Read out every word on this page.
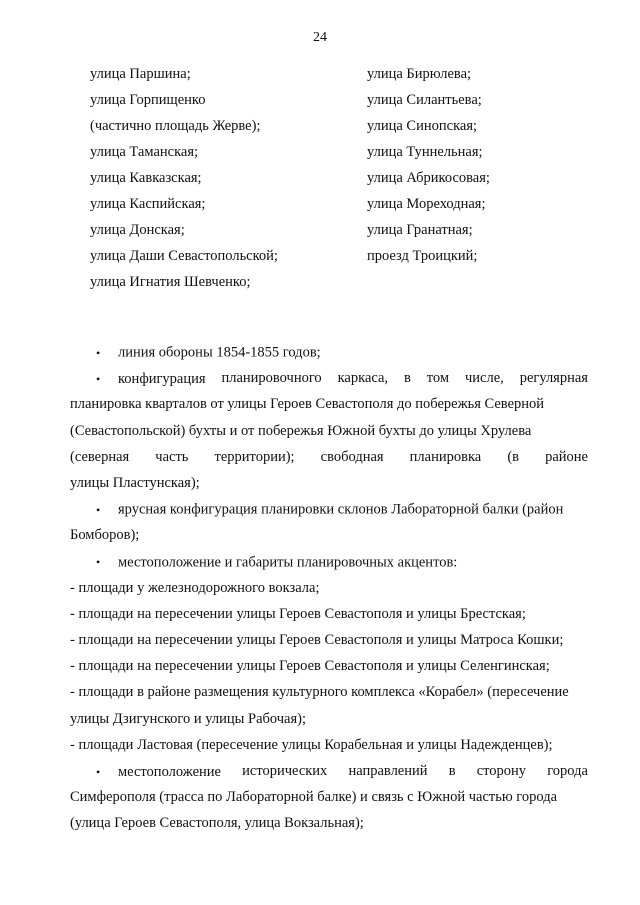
24
улица Паршина;
улица Горпищенко
(частично площадь Жерве);
улица Таманская;
улица Кавказская;
улица Каспийская;
улица Донская;
улица Даши Севастопольской;
улица Игнатия Шевченко;
улица Бирюлева;
улица Силантьева;
улица Синопская;
улица Туннельная;
улица Абрикосовая;
улица Мореходная;
улица Гранатная;
проезд Троицкий;
• линия обороны 1854-1855 годов;
• конфигурация планировочного каркаса, в том числе, регулярная
планировка кварталов от улицы Героев Севастополя до побережья Северной
(Севастопольской) бухты и от побережья Южной бухты до улицы Хрулева
(северная часть территории); свободная планировка (в районе
улицы Пластунская);
• ярусная конфигурация планировки склонов Лабораторной балки (район
Бомборов);
• местоположение и габариты планировочных акцентов:
- площади у железнодорожного вокзала;
- площади на пересечении улицы Героев Севастополя и улицы Брестская;
- площади на пересечении улицы Героев Севастополя и улицы Матроса Кошки;
- площади на пересечении улицы Героев Севастополя и улицы Селенгинская;
- площади в районе размещения культурного комплекса «Корабел» (пересечение
улицы Дзигунского и улицы Рабочая);
- площади Ластовая (пересечение улицы Корабельная и улицы Надежденцев);
• местоположение исторических направлений в сторону города
Симферополя (трасса по Лабораторной балке) и связь с Южной частью города
(улица Героев Севастополя, улица Вокзальная);
